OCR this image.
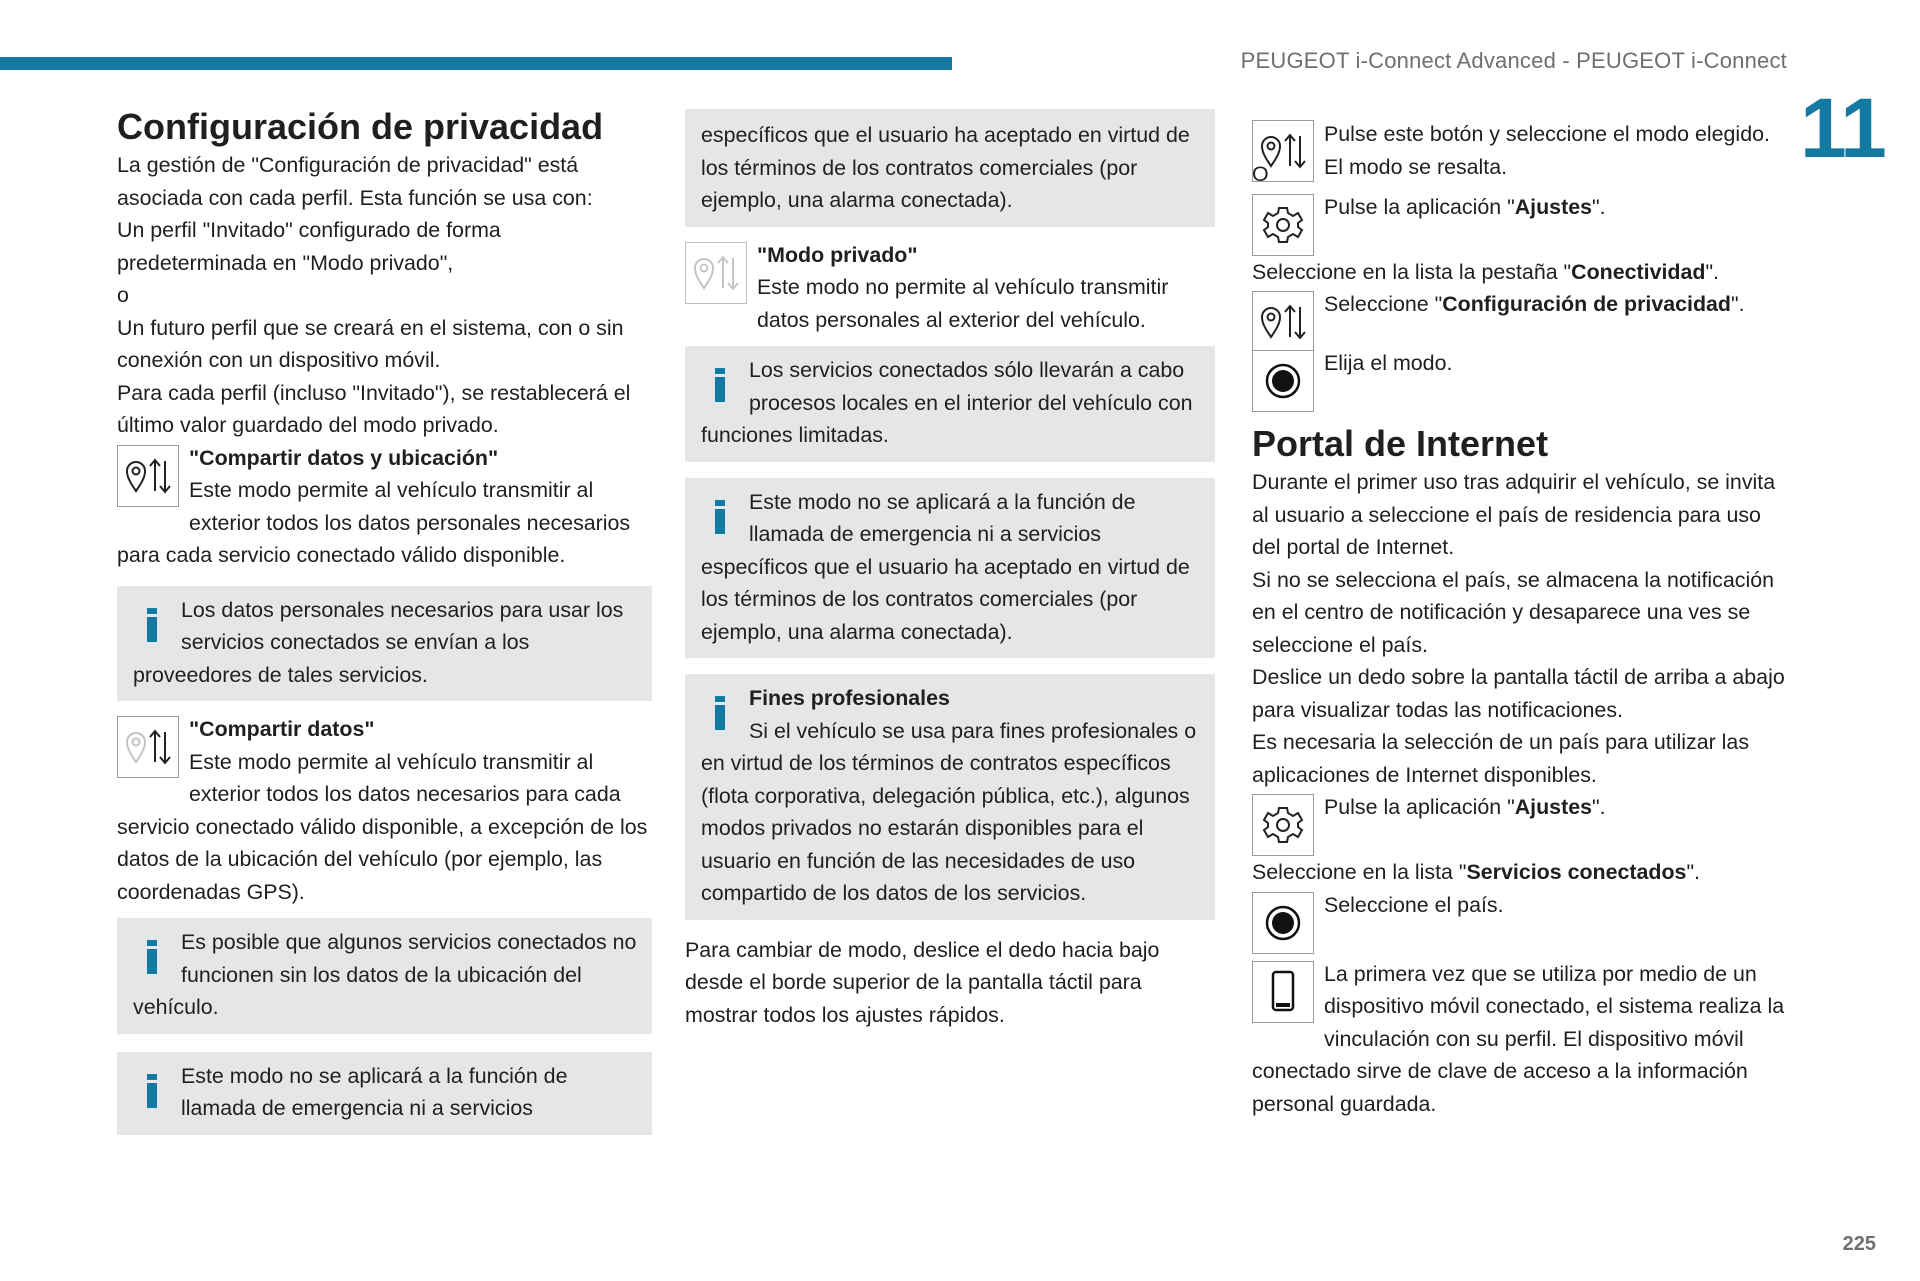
PEUGEOT i-Connect Advanced - PEUGEOT i-Connect
11
225
Configuración de privacidad

La gestión de "Configuración de privacidad" está asociada con cada perfil. Esta función se usa con:

Un perfil "Invitado" configurado de forma predeterminada en "Modo privado",

o

Un futuro perfil que se creará en el sistema, con o sin conexión con un dispositivo móvil.

Para cada perfil (incluso "Invitado"), se restablecerá el último valor guardado del modo privado.

"Compartir datos y ubicación"
Este modo permite al vehículo transmitir al exterior todos los datos personales necesarios para cada servicio conectado válido disponible.

Los datos personales necesarios para usar los servicios conectados se envían a los proveedores de tales servicios.

"Compartir datos"
Este modo permite al vehículo transmitir al exterior todos los datos necesarios para cada servicio conectado válido disponible, a excepción de los datos de la ubicación del vehículo (por ejemplo, las coordenadas GPS).

Es posible que algunos servicios conectados no funcionen sin los datos de la ubicación del vehículo.

Este modo no se aplicará a la función de llamada de emergencia ni a servicios

específicos que el usuario ha aceptado en virtud de los términos de los contratos comerciales (por ejemplo, una alarma conectada).

"Modo privado"
Este modo no permite al vehículo transmitir datos personales al exterior del vehículo.

Los servicios conectados sólo llevarán a cabo procesos locales en el interior del vehículo con funciones limitadas.

Este modo no se aplicará a la función de llamada de emergencia ni a servicios específicos que el usuario ha aceptado en virtud de los términos de los contratos comerciales (por ejemplo, una alarma conectada).

Fines profesionales
Si el vehículo se usa para fines profesionales o en virtud de los términos de contratos específicos (flota corporativa, delegación pública, etc.), algunos modos privados no estarán disponibles para el usuario en función de las necesidades de uso compartido de los datos de los servicios.

Para cambiar de modo, deslice el dedo hacia bajo desde el borde superior de la pantalla táctil para mostrar todos los ajustes rápidos.

Pulse este botón y seleccione el modo elegido. El modo se resalta.

O

Pulse la aplicación "Ajustes".

Seleccione en la lista la pestaña "Conectividad".

Seleccione "Configuración de privacidad".

Elija el modo.

Portal de Internet

Durante el primer uso tras adquirir el vehículo, se invita al usuario a seleccione el país de residencia para uso del portal de Internet.

Si no se selecciona el país, se almacena la notificación en el centro de notificación y desaparece una ves se seleccione el país.

Deslice un dedo sobre la pantalla táctil de arriba a abajo para visualizar todas las notificaciones.

Es necesaria la selección de un país para utilizar las aplicaciones de Internet disponibles.

Pulse la aplicación "Ajustes".

Seleccione en la lista "Servicios conectados".

Seleccione el país.

La primera vez que se utiliza por medio de un dispositivo móvil conectado, el sistema realiza la vinculación con su perfil. El dispositivo móvil conectado sirve de clave de acceso a la información personal guardada.
